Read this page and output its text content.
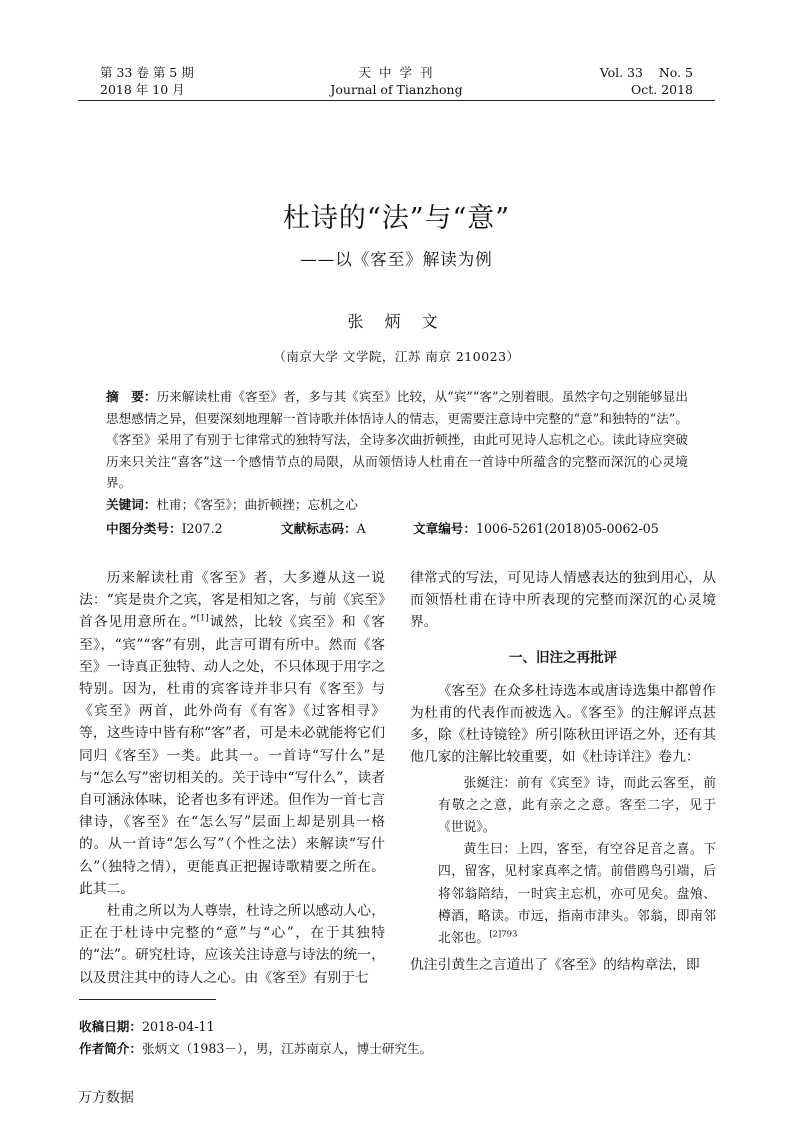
第 33 卷 第 5 期
2018 年 10 月
天 中 学 刊
Journal of Tianzhong
Vol. 33    No. 5
Oct. 2018
杜诗的“法”与“意”
——以《客至》解读为例
张 炳 文
（南京大学 文学院，江苏 南京 210023）
摘　要：历来解读杜甫《客至》者，多与其《宾至》比较，从“宾”“客”之别着眼。虽然字句之别能够显出思想感情之异，但要深刻地理解一首诗歌并体悟诗人的情志，更需要注意诗中完整的“意”和独特的“法”。《客至》采用了有别于七律常式的独特写法，全诗多次曲折顿挫，由此可见诗人忘机之心。读此诗应突破历来只关注“喜客”这一个感情节点的局限，从而领悟诗人杜甫在一首诗中所蕴含的完整而深沉的心灵境界。
关键词：杜甫；《客至》；曲折顿挫；忘机之心
中图分类号：I207.2	文献标志码：A	文章编号：1006-5261(2018)05-0062-05

历来解读杜甫《客至》者，大多遵从这一说法：“宾是贵介之宾，客是相知之客，与前《宾至》首各见用意所在。”[1]诚然，比较《宾至》和《客至》，“宾”“客”有别，此言可谓有所中。然而《客至》一诗真正独特、动人之处，不只体现于用字之特别。因为，杜甫的宾客诗并非只有《客至》与《宾至》两首，此外尚有《有客》《过客相寻》等，这些诗中皆有称“客”者，可是未必就能将它们同归《客至》一类。此其一。一首诗“写什么”是与“怎么写”密切相关的。关于诗中“写什么”，读者自可涵泳体味，论者也多有评述。但作为一首七言律诗，《客至》在“怎么写”层面上却是别具一格的。从一首诗“怎么写”（个性之法）来解读“写什么”（独特之情），更能真正把握诗歌精要之所在。此其二。

杜甫之所以为人尊崇，杜诗之所以感动人心，正在于杜诗中完整的“意”与“心”，在于其独特的“法”。研究杜诗，应该关注诗意与诗法的统一，以及贯注其中的诗人之心。由《客至》有别于七

律常式的写法，可见诗人情感表达的独到用心，从而领悟杜甫在诗中所表现的完整而深沉的心灵境界。

一、旧注之再批评

《客至》在众多杜诗选本或唐诗选集中都曾作为杜甫的代表作而被选入。《客至》的注解评点甚多，除《杜诗镜铨》所引陈秋田评语之外，还有其他几家的注解比较重要，如《杜诗详注》卷九：

张綖注：前有《宾至》诗，而此云客至，前有敬之之意，此有亲之之意。客至二字，见于《世说》。

黄生曰：上四，客至，有空谷足音之喜。下四，留客，见村家真率之情。前借鸥鸟引端，后将邻翁陪结，一时宾主忘机，亦可见矣。盘飧、樽酒，略读。市远，指南市津头。邻翁，即南邻北邻也。$^{[2]793}$

仇注引黄生之言道出了《客至》的结构章法，即

收稿日期：2018-04-11
作者简介：张炳文（1983－），男，江苏南京人，博士研究生。
万方数据
